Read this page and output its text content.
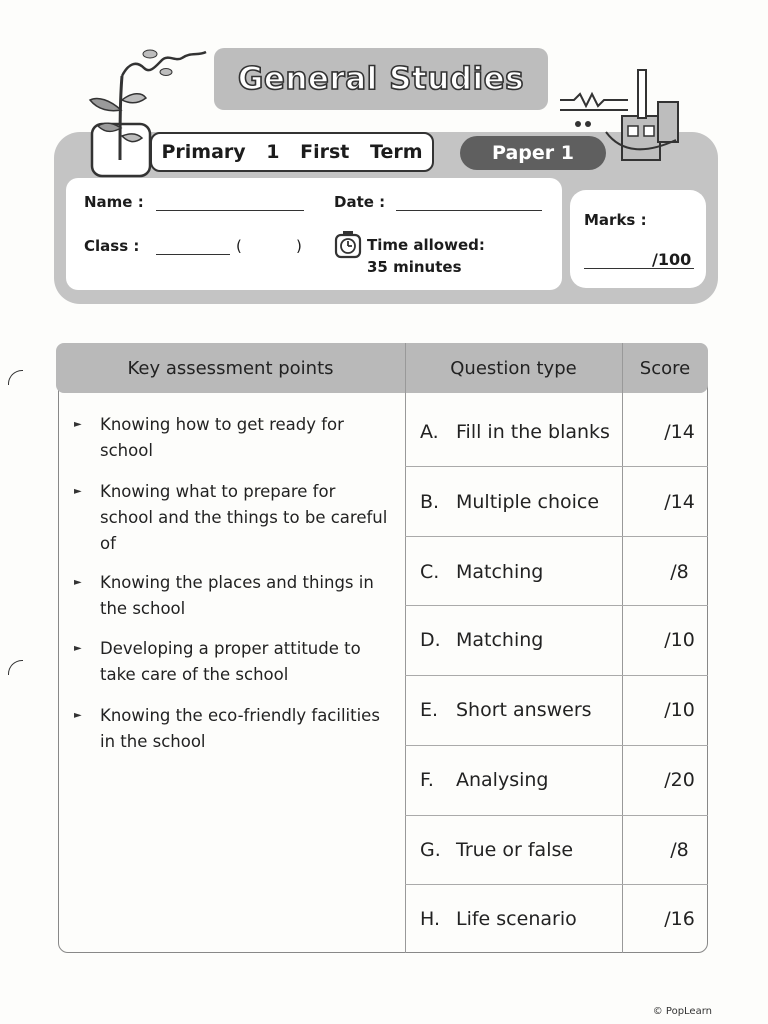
General Studies
Primary 1 First Term	Paper 1
Name :	Date :
Class :	(	)	Time allowed:
35 minutes
Marks :
/100
Key assessment points	Question type	Score
►	Knowing how to get ready for school
►	Knowing what to prepare for school and the things to be careful of
►	Knowing the places and things in the school
►	Developing a proper attitude to take care of the school
►	Knowing the eco-friendly facilities in the school
A. Fill in the blanks	/14
B. Multiple choice	/14
C. Matching	/8
D. Matching	/10
E. Short answers	/10
F.	Analysing	/20
G. True or false	/8
H. Life scenario	/16
© PopLearn
